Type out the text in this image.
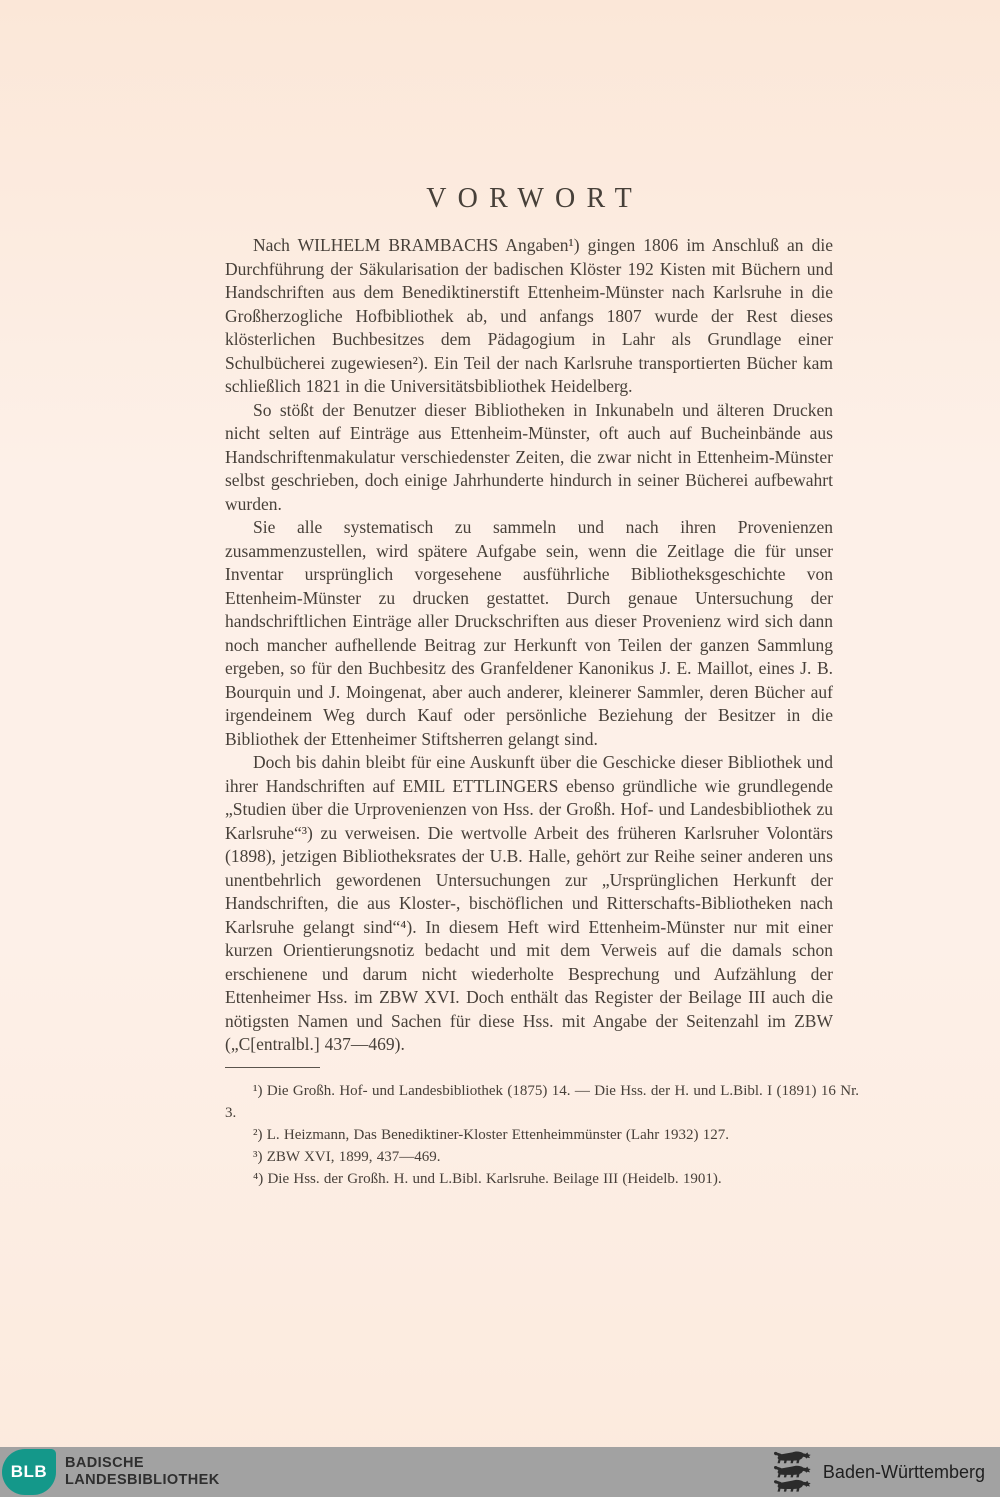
VORWORT

Nach WILHELM BRAMBACHS Angaben¹) gingen 1806 im Anschluß an die Durchführung der Säkularisation der badischen Klöster 192 Kisten mit Büchern und Handschriften aus dem Benediktinerstift Ettenheim-Münster nach Karlsruhe in die Großherzogliche Hofbibliothek ab, und anfangs 1807 wurde der Rest dieses klösterlichen Buchbesitzes dem Pädagogium in Lahr als Grundlage einer Schulbücherei zugewiesen²). Ein Teil der nach Karlsruhe transportierten Bücher kam schließlich 1821 in die Universitätsbibliothek Heidelberg.

So stößt der Benutzer dieser Bibliotheken in Inkunabeln und älteren Drucken nicht selten auf Einträge aus Ettenheim-Münster, oft auch auf Bucheinbände aus Handschriftenmakulatur verschiedenster Zeiten, die zwar nicht in Ettenheim-Münster selbst geschrieben, doch einige Jahrhunderte hindurch in seiner Bücherei aufbewahrt wurden.

Sie alle systematisch zu sammeln und nach ihren Provenienzen zusammenzustellen, wird spätere Aufgabe sein, wenn die Zeitlage die für unser Inventar ursprünglich vorgesehene ausführliche Bibliotheksgeschichte von Ettenheim-Münster zu drucken gestattet. Durch genaue Untersuchung der handschriftlichen Einträge aller Druckschriften aus dieser Provenienz wird sich dann noch mancher aufhellende Beitrag zur Herkunft von Teilen der ganzen Sammlung ergeben, so für den Buchbesitz des Granfeldener Kanonikus J. E. Maillot, eines J. B. Bourquin und J. Moingenat, aber auch anderer, kleinerer Sammler, deren Bücher auf irgendeinem Weg durch Kauf oder persönliche Beziehung der Besitzer in die Bibliothek der Ettenheimer Stiftsherren gelangt sind.

Doch bis dahin bleibt für eine Auskunft über die Geschicke dieser Bibliothek und ihrer Handschriften auf EMIL ETTLINGERS ebenso gründliche wie grundlegende „Studien über die Urprovenienzen von Hss. der Großh. Hof- und Landesbibliothek zu Karlsruhe“³) zu verweisen. Die wertvolle Arbeit des früheren Karlsruher Volontärs (1898), jetzigen Bibliotheksrates der U.B. Halle, gehört zur Reihe seiner anderen uns unentbehrlich gewordenen Untersuchungen zur „Ursprünglichen Herkunft der Handschriften, die aus Kloster-, bischöflichen und Ritterschafts-Bibliotheken nach Karlsruhe gelangt sind“⁴). In diesem Heft wird Ettenheim-Münster nur mit einer kurzen Orientierungsnotiz bedacht und mit dem Verweis auf die damals schon erschienene und darum nicht wiederholte Besprechung und Aufzählung der Ettenheimer Hss. im ZBW XVI. Doch enthält das Register der Beilage III auch die nötigsten Namen und Sachen für diese Hss. mit Angabe der Seitenzahl im ZBW („C[entralbl.] 437—469).

¹) Die Großh. Hof- und Landesbibliothek (1875) 14. — Die Hss. der H. und L.Bibl. I (1891) 16 Nr. 3.

²) L. Heizmann, Das Benediktiner-Kloster Ettenheimmünster (Lahr 1932) 127.

³) ZBW XVI, 1899, 437—469.

⁴) Die Hss. der Großh. H. und L.Bibl. Karlsruhe. Beilage III (Heidelb. 1901).

BLB BADISCHE
LANDESBIBLIOTHEK	Baden-Württemberg
